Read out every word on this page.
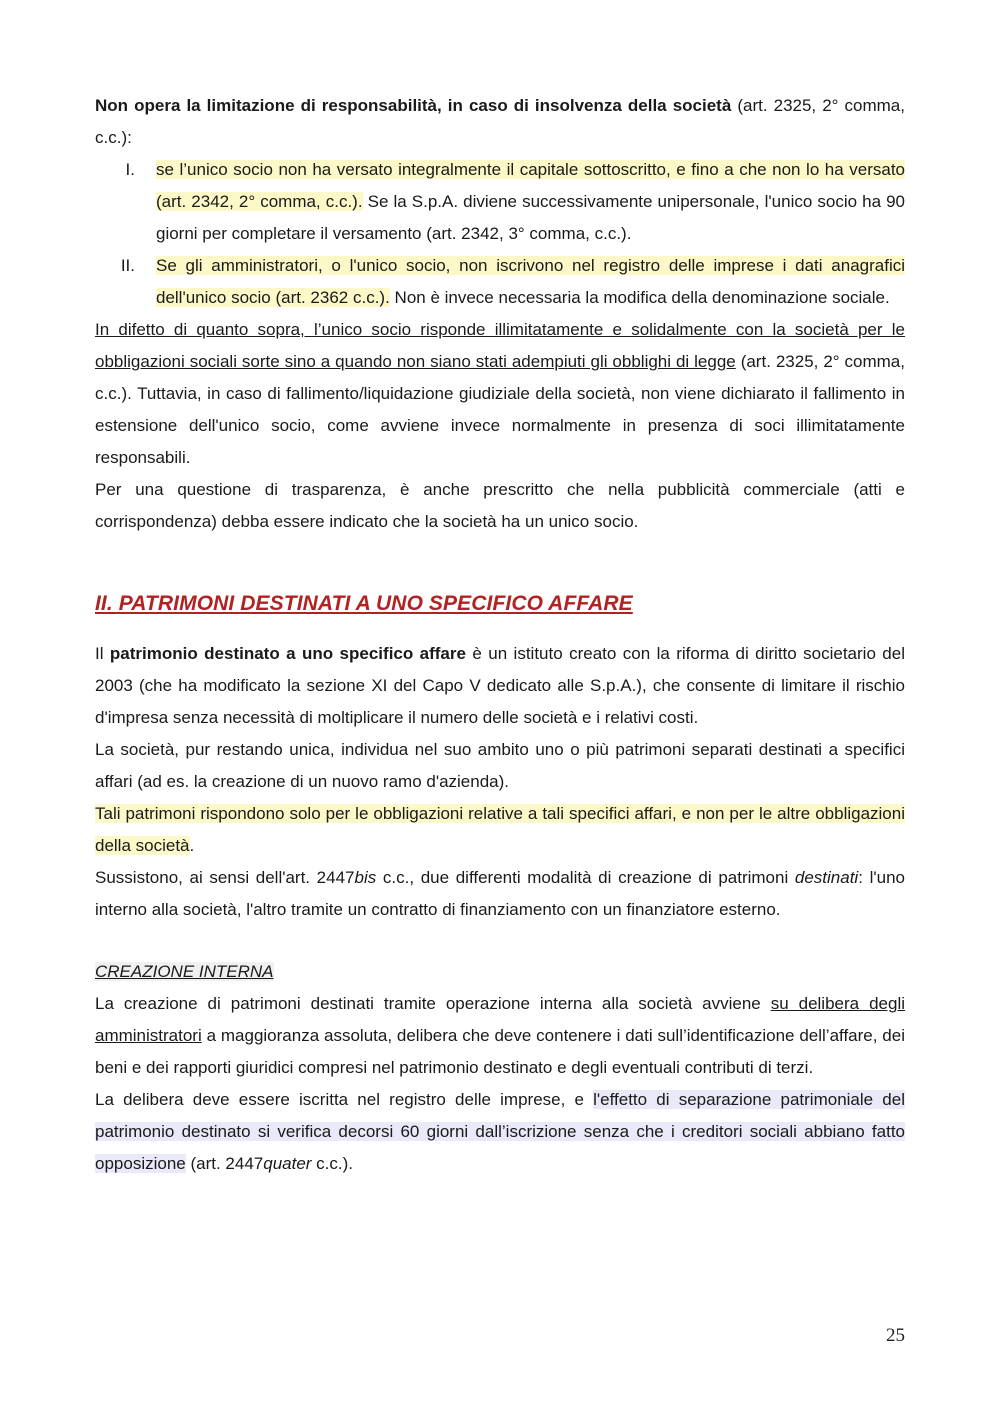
Non opera la limitazione di responsabilità, in caso di insolvenza della società (art. 2325, 2° comma, c.c.):

I. se l’unico socio non ha versato integralmente il capitale sottoscritto, e fino a che non lo ha versato (art. 2342, 2° comma, c.c.). Se la S.p.A. diviene successivamente unipersonale, l'unico socio ha 90 giorni per completare il versamento (art. 2342, 3° comma, c.c.).
II. Se gli amministratori, o l'unico socio, non iscrivono nel registro delle imprese i dati anagrafici dell'unico socio (art. 2362 c.c.). Non è invece necessaria la modifica della denominazione sociale.

In difetto di quanto sopra, l’unico socio risponde illimitatamente e solidalmente con la società per le obbligazioni sociali sorte sino a quando non siano stati adempiuti gli obblighi di legge (art. 2325, 2° comma, c.c.). Tuttavia, in caso di fallimento/liquidazione giudiziale della società, non viene dichiarato il fallimento in estensione dell'unico socio, come avviene invece normalmente in presenza di soci illimitatamente responsabili.

Per una questione di trasparenza, è anche prescritto che nella pubblicità commerciale (atti e corrispondenza) debba essere indicato che la società ha un unico socio.

II. PATRIMONI DESTINATI A UNO SPECIFICO AFFARE

Il patrimonio destinato a uno specifico affare è un istituto creato con la riforma di diritto societario del 2003 (che ha modificato la sezione XI del Capo V dedicato alle S.p.A.), che consente di limitare il rischio d'impresa senza necessità di moltiplicare il numero delle società e i relativi costi.

La società, pur restando unica, individua nel suo ambito uno o più patrimoni separati destinati a specifici affari (ad es. la creazione di un nuovo ramo d'azienda).

Tali patrimoni rispondono solo per le obbligazioni relative a tali specifici affari, e non per le altre obbligazioni della società.

Sussistono, ai sensi dell'art. 2447bis c.c., due differenti modalità di creazione di patrimoni destinati: l'uno interno alla società, l'altro tramite un contratto di finanziamento con un finanziatore esterno.

CREAZIONE INTERNA

La creazione di patrimoni destinati tramite operazione interna alla società avviene su delibera degli amministratori a maggioranza assoluta, delibera che deve contenere i dati sull’identificazione dell’affare, dei beni e dei rapporti giuridici compresi nel patrimonio destinato e degli eventuali contributi di terzi.

La delibera deve essere iscritta nel registro delle imprese, e l'effetto di separazione patrimoniale del patrimonio destinato si verifica decorsi 60 giorni dall’iscrizione senza che i creditori sociali abbiano fatto opposizione (art. 2447quater c.c.).

25
